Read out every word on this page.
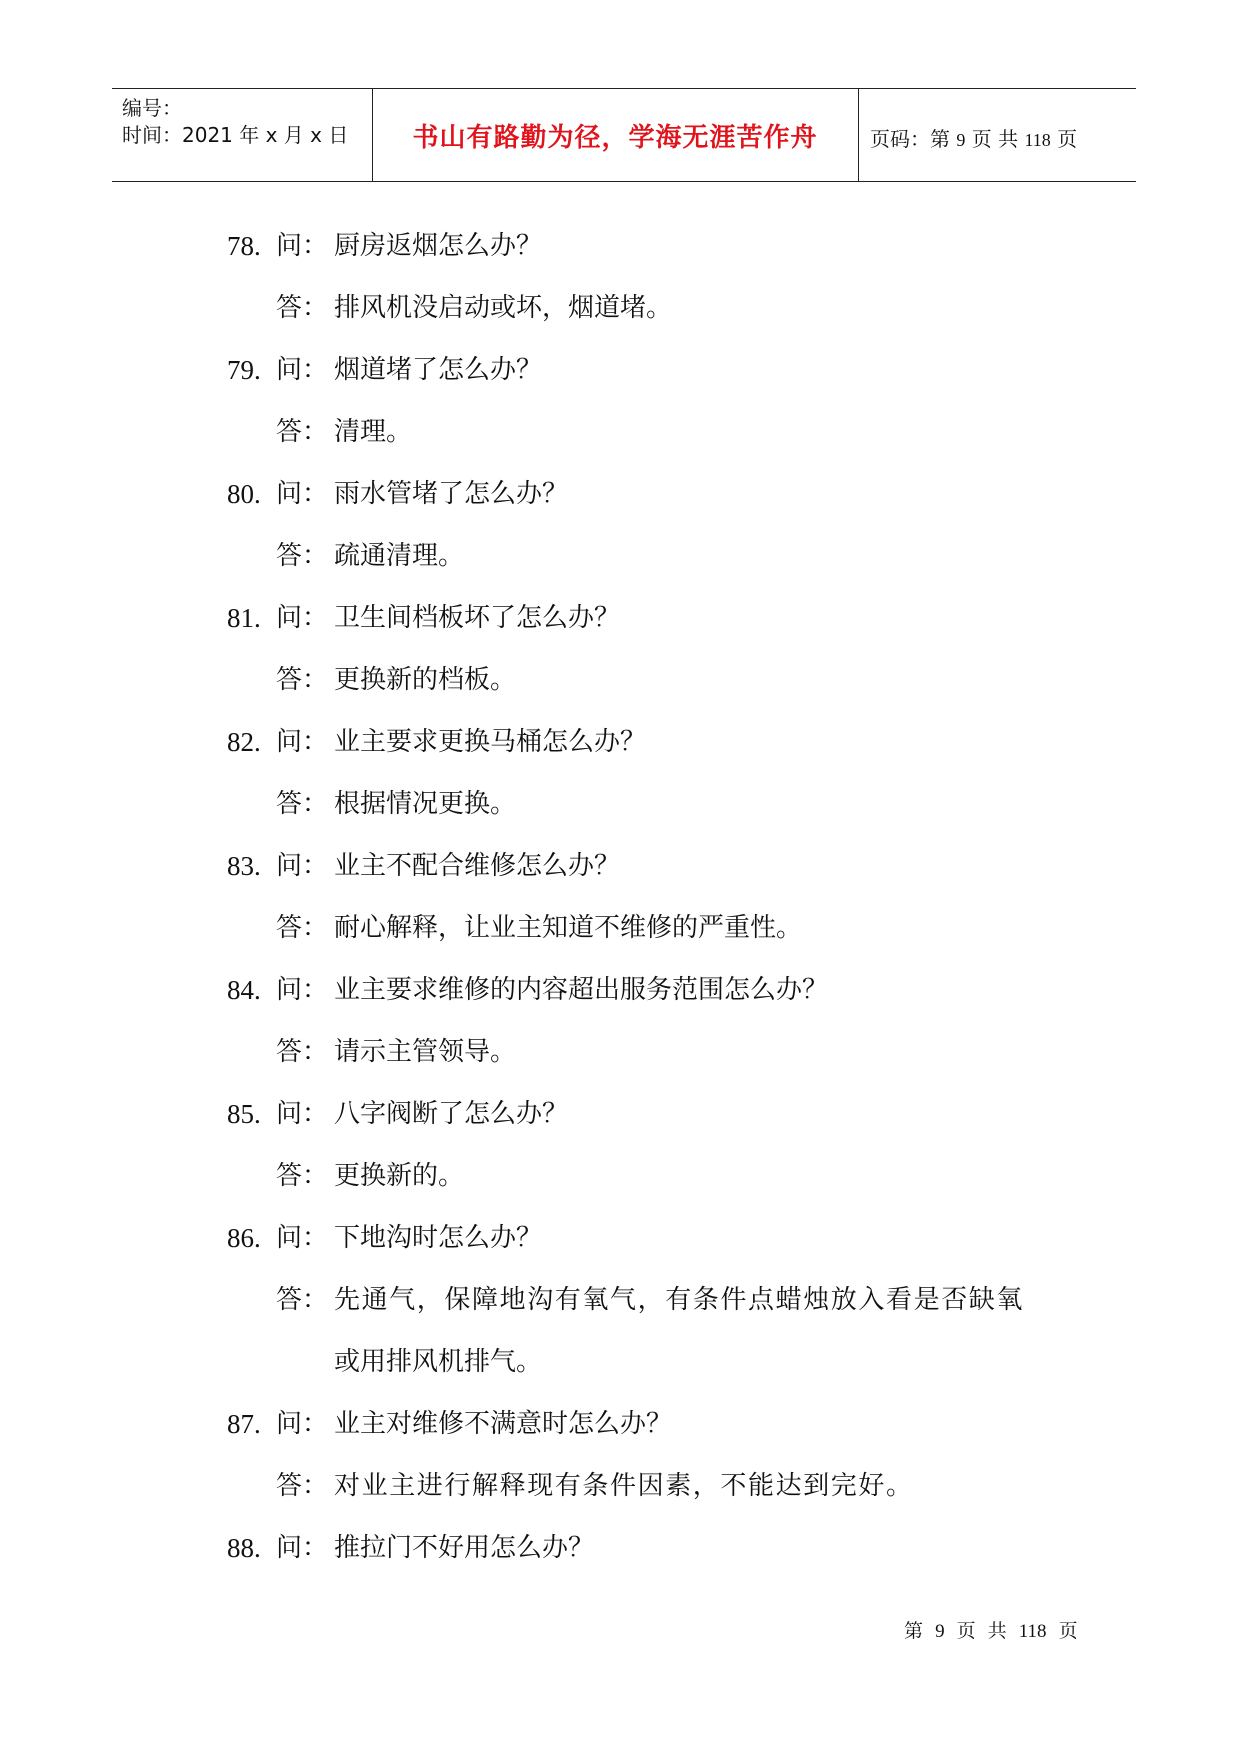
编号：
时间：2021 年 x 月 x 日	书山有路勤为径，学海无涯苦作舟	页码：第 9 页 共 118 页
78. 问： 厨房返烟怎么办？
答： 排风机没启动或坏，烟道堵。
79. 问： 烟道堵了怎么办？
答： 清理。
80. 问： 雨水管堵了怎么办？
答： 疏通清理。
81. 问： 卫生间档板坏了怎么办？
答： 更换新的档板。
82. 问： 业主要求更换马桶怎么办？
答： 根据情况更换。
83. 问： 业主不配合维修怎么办？
答： 耐心解释，让业主知道不维修的严重性。
84. 问： 业主要求维修的内容超出服务范围怎么办？
答： 请示主管领导。
85. 问： 八字阀断了怎么办？
答： 更换新的。
86. 问： 下地沟时怎么办？
答： 先通气，保障地沟有氧气，有条件点蜡烛放入看是否缺氧
或用排风机排气。
87. 问： 业主对维修不满意时怎么办？
答： 对业主进行解释现有条件因素，不能达到完好。
88. 问： 推拉门不好用怎么办？
第 9 页 共 118 页
